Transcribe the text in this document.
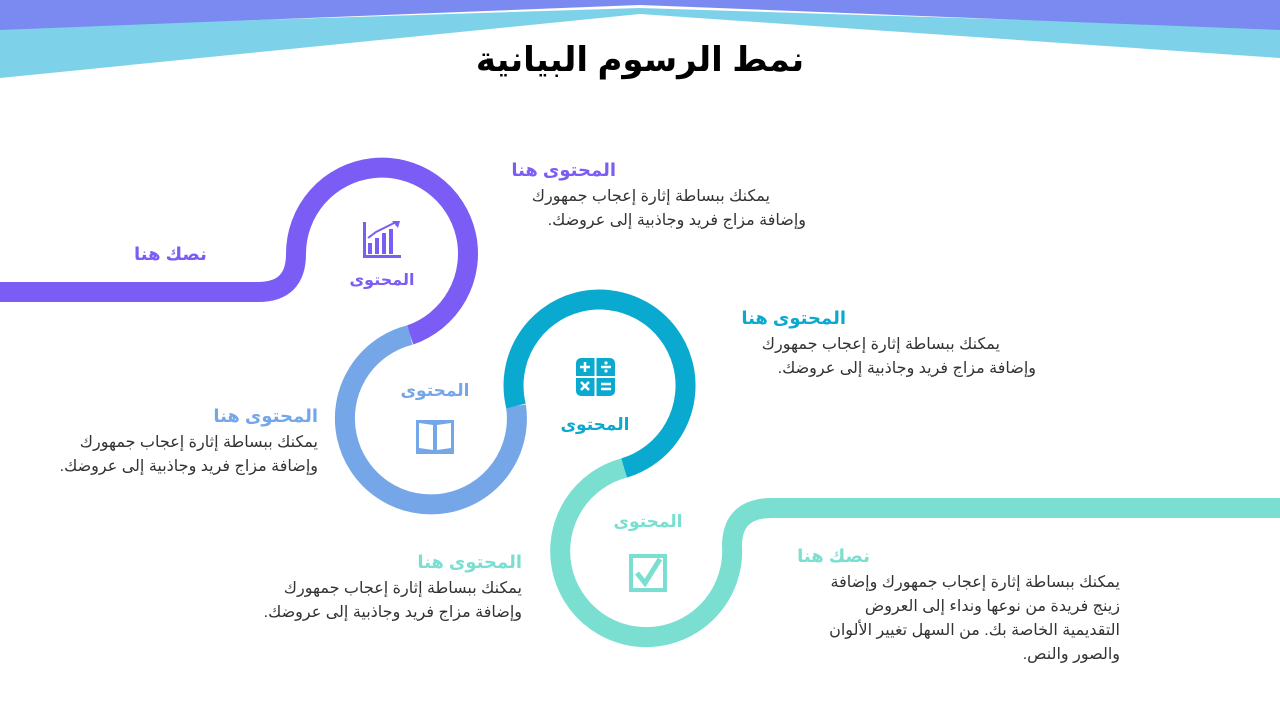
نمط الرسوم البيانية
نصك هنا
المحتوى
المحتوى
المحتوى
المحتوى
المحتوى هنا
يمكنك ببساطة إثارة إعجاب جمهورك
وإضافة مزاج فريد وجاذبية إلى عروضك.
المحتوى هنا
يمكنك ببساطة إثارة إعجاب جمهورك
وإضافة مزاج فريد وجاذبية إلى عروضك.
المحتوى هنا
يمكنك ببساطة إثارة إعجاب جمهورك
وإضافة مزاج فريد وجاذبية إلى عروضك.
المحتوى هنا
يمكنك ببساطة إثارة إعجاب جمهورك
وإضافة مزاج فريد وجاذبية إلى عروضك.
نصك هنا
يمكنك ببساطة إثارة إعجاب جمهورك وإضافة
زينج فريدة من نوعها ونداء إلى العروض
التقديمية الخاصة بك. من السهل تغيير الألوان
والصور والنص.
